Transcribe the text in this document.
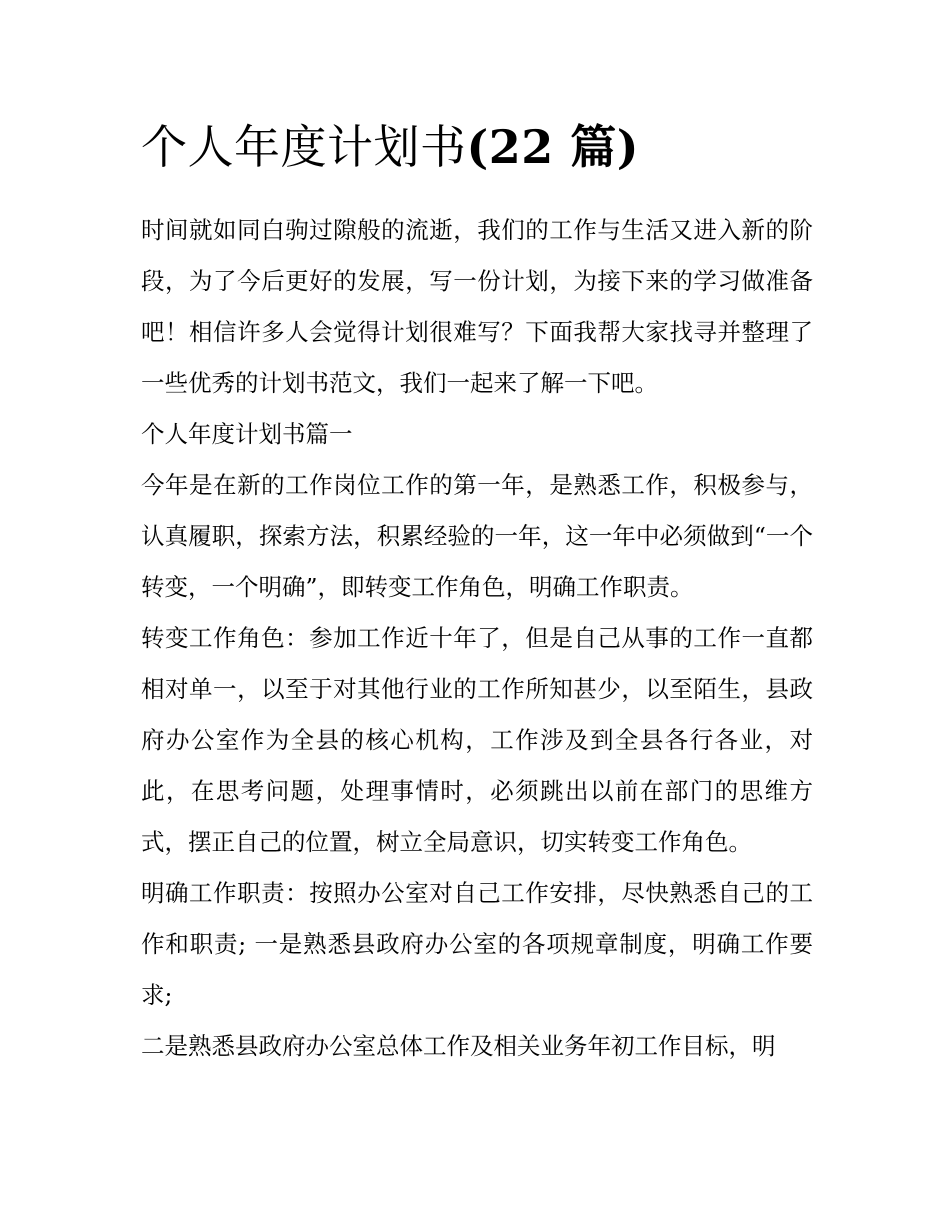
个人年度计划书(22 篇)

时间就如同白驹过隙般的流逝，我们的工作与生活又进入新的阶段，为了今后更好的发展，写一份计划，为接下来的学习做准备吧！相信许多人会觉得计划很难写？下面我帮大家找寻并整理了一些优秀的计划书范文，我们一起来了解一下吧。

个人年度计划书篇一

今年是在新的工作岗位工作的第一年，是熟悉工作，积极参与，认真履职，探索方法，积累经验的一年，这一年中必须做到“一个转变，一个明确”，即转变工作角色，明确工作职责。

转变工作角色：参加工作近十年了，但是自己从事的工作一直都相对单一，以至于对其他行业的工作所知甚少，以至陌生，县政府办公室作为全县的核心机构，工作涉及到全县各行各业，对此，在思考问题，处理事情时，必须跳出以前在部门的思维方式，摆正自己的位置，树立全局意识，切实转变工作角色。

明确工作职责：按照办公室对自己工作安排，尽快熟悉自己的工作和职责; 一是熟悉县政府办公室的各项规章制度，明确工作要求;

二是熟悉县政府办公室总体工作及相关业务年初工作目标，明
